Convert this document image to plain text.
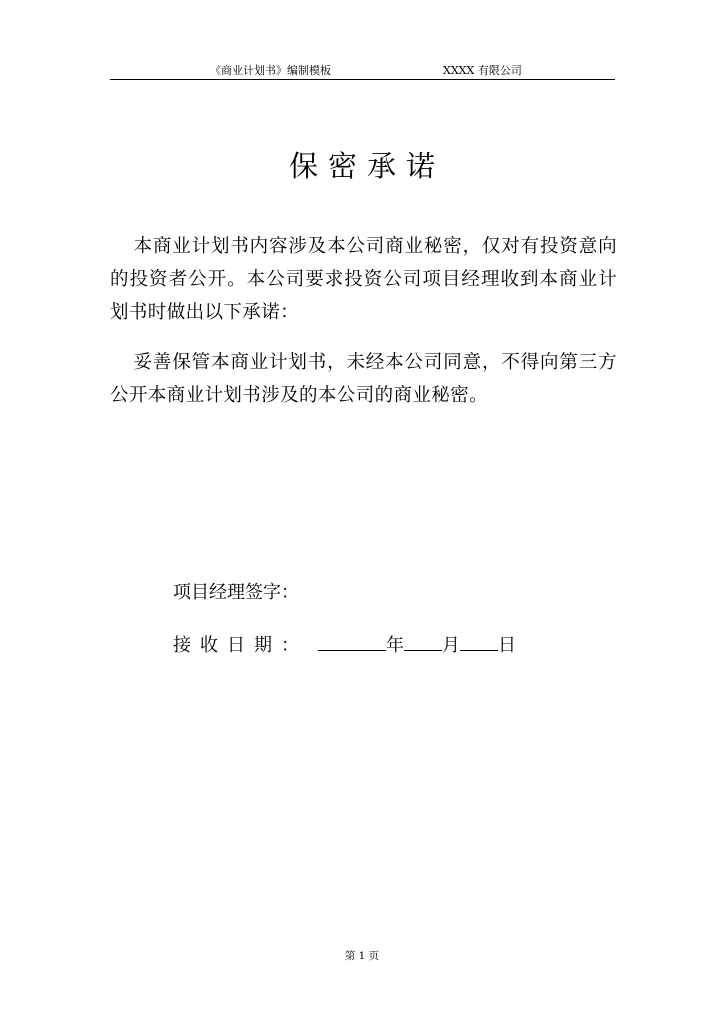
《商业计划书》编制模板	XXXX 有限公司
保密承诺
本商业计划书内容涉及本公司商业秘密，仅对有投资意向的投资者公开。本公司要求投资公司项目经理收到本商业计划书时做出以下承诺：
妥善保管本商业计划书，未经本公司同意，不得向第三方公开本商业计划书涉及的本公司的商业秘密。
项目经理签字：
接收日期：	年 月 日
第 1 页
